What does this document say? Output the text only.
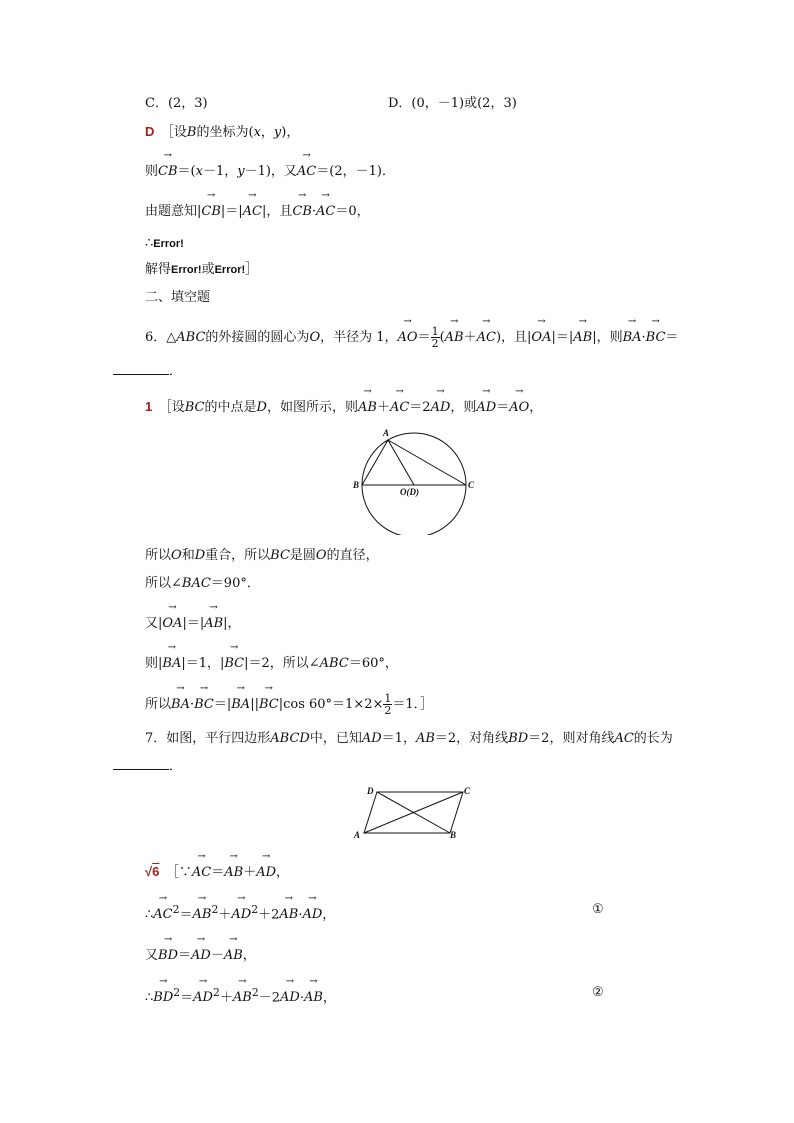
C．(2，3)	D．(0，－1)或(2，3)
D　 ［设B的坐标为(x，y)，
则→ CB＝(x－1，y－1)，又→ AC＝(2，－1)．
由题意知|→ CB|＝|→ AC|，且→ CB·→ AC＝0，
∴Error!
解得Error!或Error!］
二、填空题
6．△ABC的外接圆的圆心为O，半径为 1，→ $AO= \frac{1}{2}$ (→ AB＋→ AC)，且|→ OA|＝|→ AB|，则→ BA·→ BC＝
．
1　 ［设BC的中点是D，如图所示，则→ AB＋→ AC＝2→ AD，则→ AD＝→ AO，
A
B	C
O(D)
所以O和D重合，所以BC是圆O的直径，
所以∠BAC＝90°．
又|→ OA|＝|→ AB|，
则|→ BA|＝1，|→ BC|＝2，所以∠ABC＝60°，
所以→ BA·→ BC＝|→ BA||→ BC|cos $60^\circ=1\times 2\times \frac{1}{2} =1$．］
7．如图，平行四边形ABCD中，已知AD＝1，AB＝2，对角线BD＝2，则对角线AC的长为
．
A	B
C
D
√6　 ［∵→ AC＝→ AB＋→ AD，
∴→ $AC^2=\to AB^2+\to AD^2+2\to AB\cdot\to$ AD，	①
又→ BD＝→ AD－→ AB，
∴→ $BD^2=\to AD^2+\to AB^2-2\to AD\cdot\to$ AB，	②
